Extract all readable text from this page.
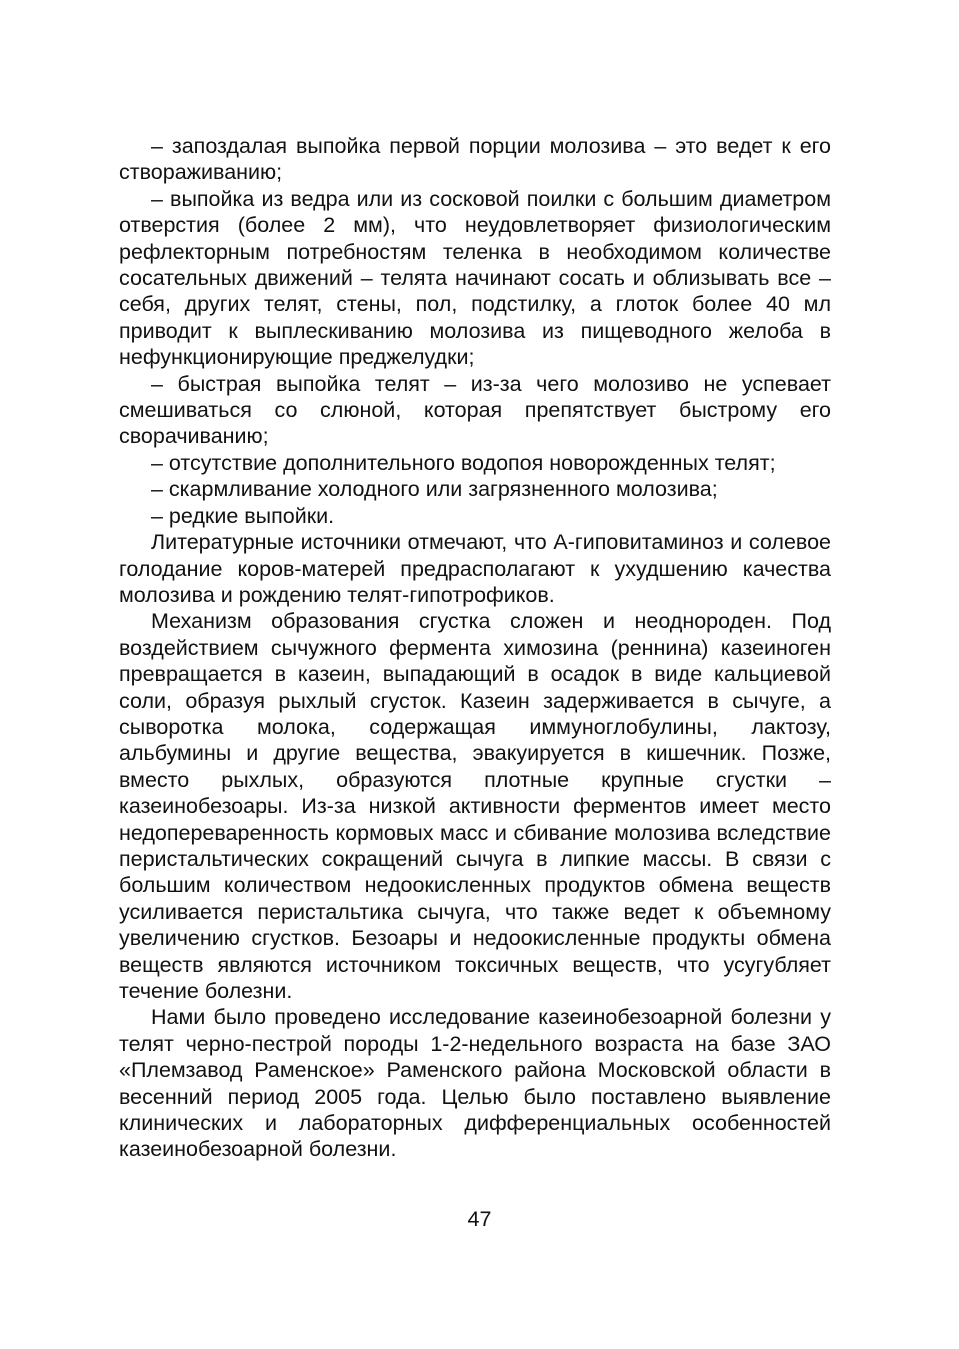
– запоздалая выпойка первой порции молозива – это ведет к его створаживанию;

– выпойка из ведра или из сосковой поилки с большим диаметром отверстия (более 2 мм), что неудовлетворяет физиологическим рефлекторным потребностям теленка в необходимом количестве сосательных движений – телята начинают сосать и облизывать все – себя, других телят, стены, пол, подстилку, а глоток более 40 мл приводит к выплескиванию молозива из пищеводного желоба в нефункционирующие преджелудки;

– быстрая выпойка телят – из-за чего молозиво не успевает смешиваться со слюной, которая препятствует быстрому его сворачиванию;

– отсутствие дополнительного водопоя новорожденных телят;

– скармливание холодного или загрязненного молозива;

– редкие выпойки.

Литературные источники отмечают, что А-гиповитаминоз и солевое голодание коров-матерей предрасполагают к ухудшению качества молозива и рождению телят-гипотрофиков.

Механизм образования сгустка сложен и неоднороден. Под воздействием сычужного фермента химозина (реннина) казеиноген превращается в казеин, выпадающий в осадок в виде кальциевой соли, образуя рыхлый сгусток. Казеин задерживается в сычуге, а сыворотка молока, содержащая иммуноглобулины, лактозу, альбумины и другие вещества, эвакуируется в кишечник. Позже, вместо рыхлых, образуются плотные крупные сгустки – казеинобезоары. Из-за низкой активности ферментов имеет место недопереваренность кормовых масс и сбивание молозива вследствие перистальтических сокращений сычуга в липкие массы. В связи с большим количеством недоокисленных продуктов обмена веществ усиливается перистальтика сычуга, что также ведет к объемному увеличению сгустков. Безоары и недоокисленные продукты обмена веществ являются источником токсичных веществ, что усугубляет течение болезни.

Нами было проведено исследование казеинобезоарной болезни у телят черно-пестрой породы 1-2-недельного возраста на базе ЗАО «Племзавод Раменское» Раменского района Московской области в весенний период 2005 года. Целью было поставлено выявление клинических и лабораторных дифференциальных особенностей казеинобезоарной болезни.

47
